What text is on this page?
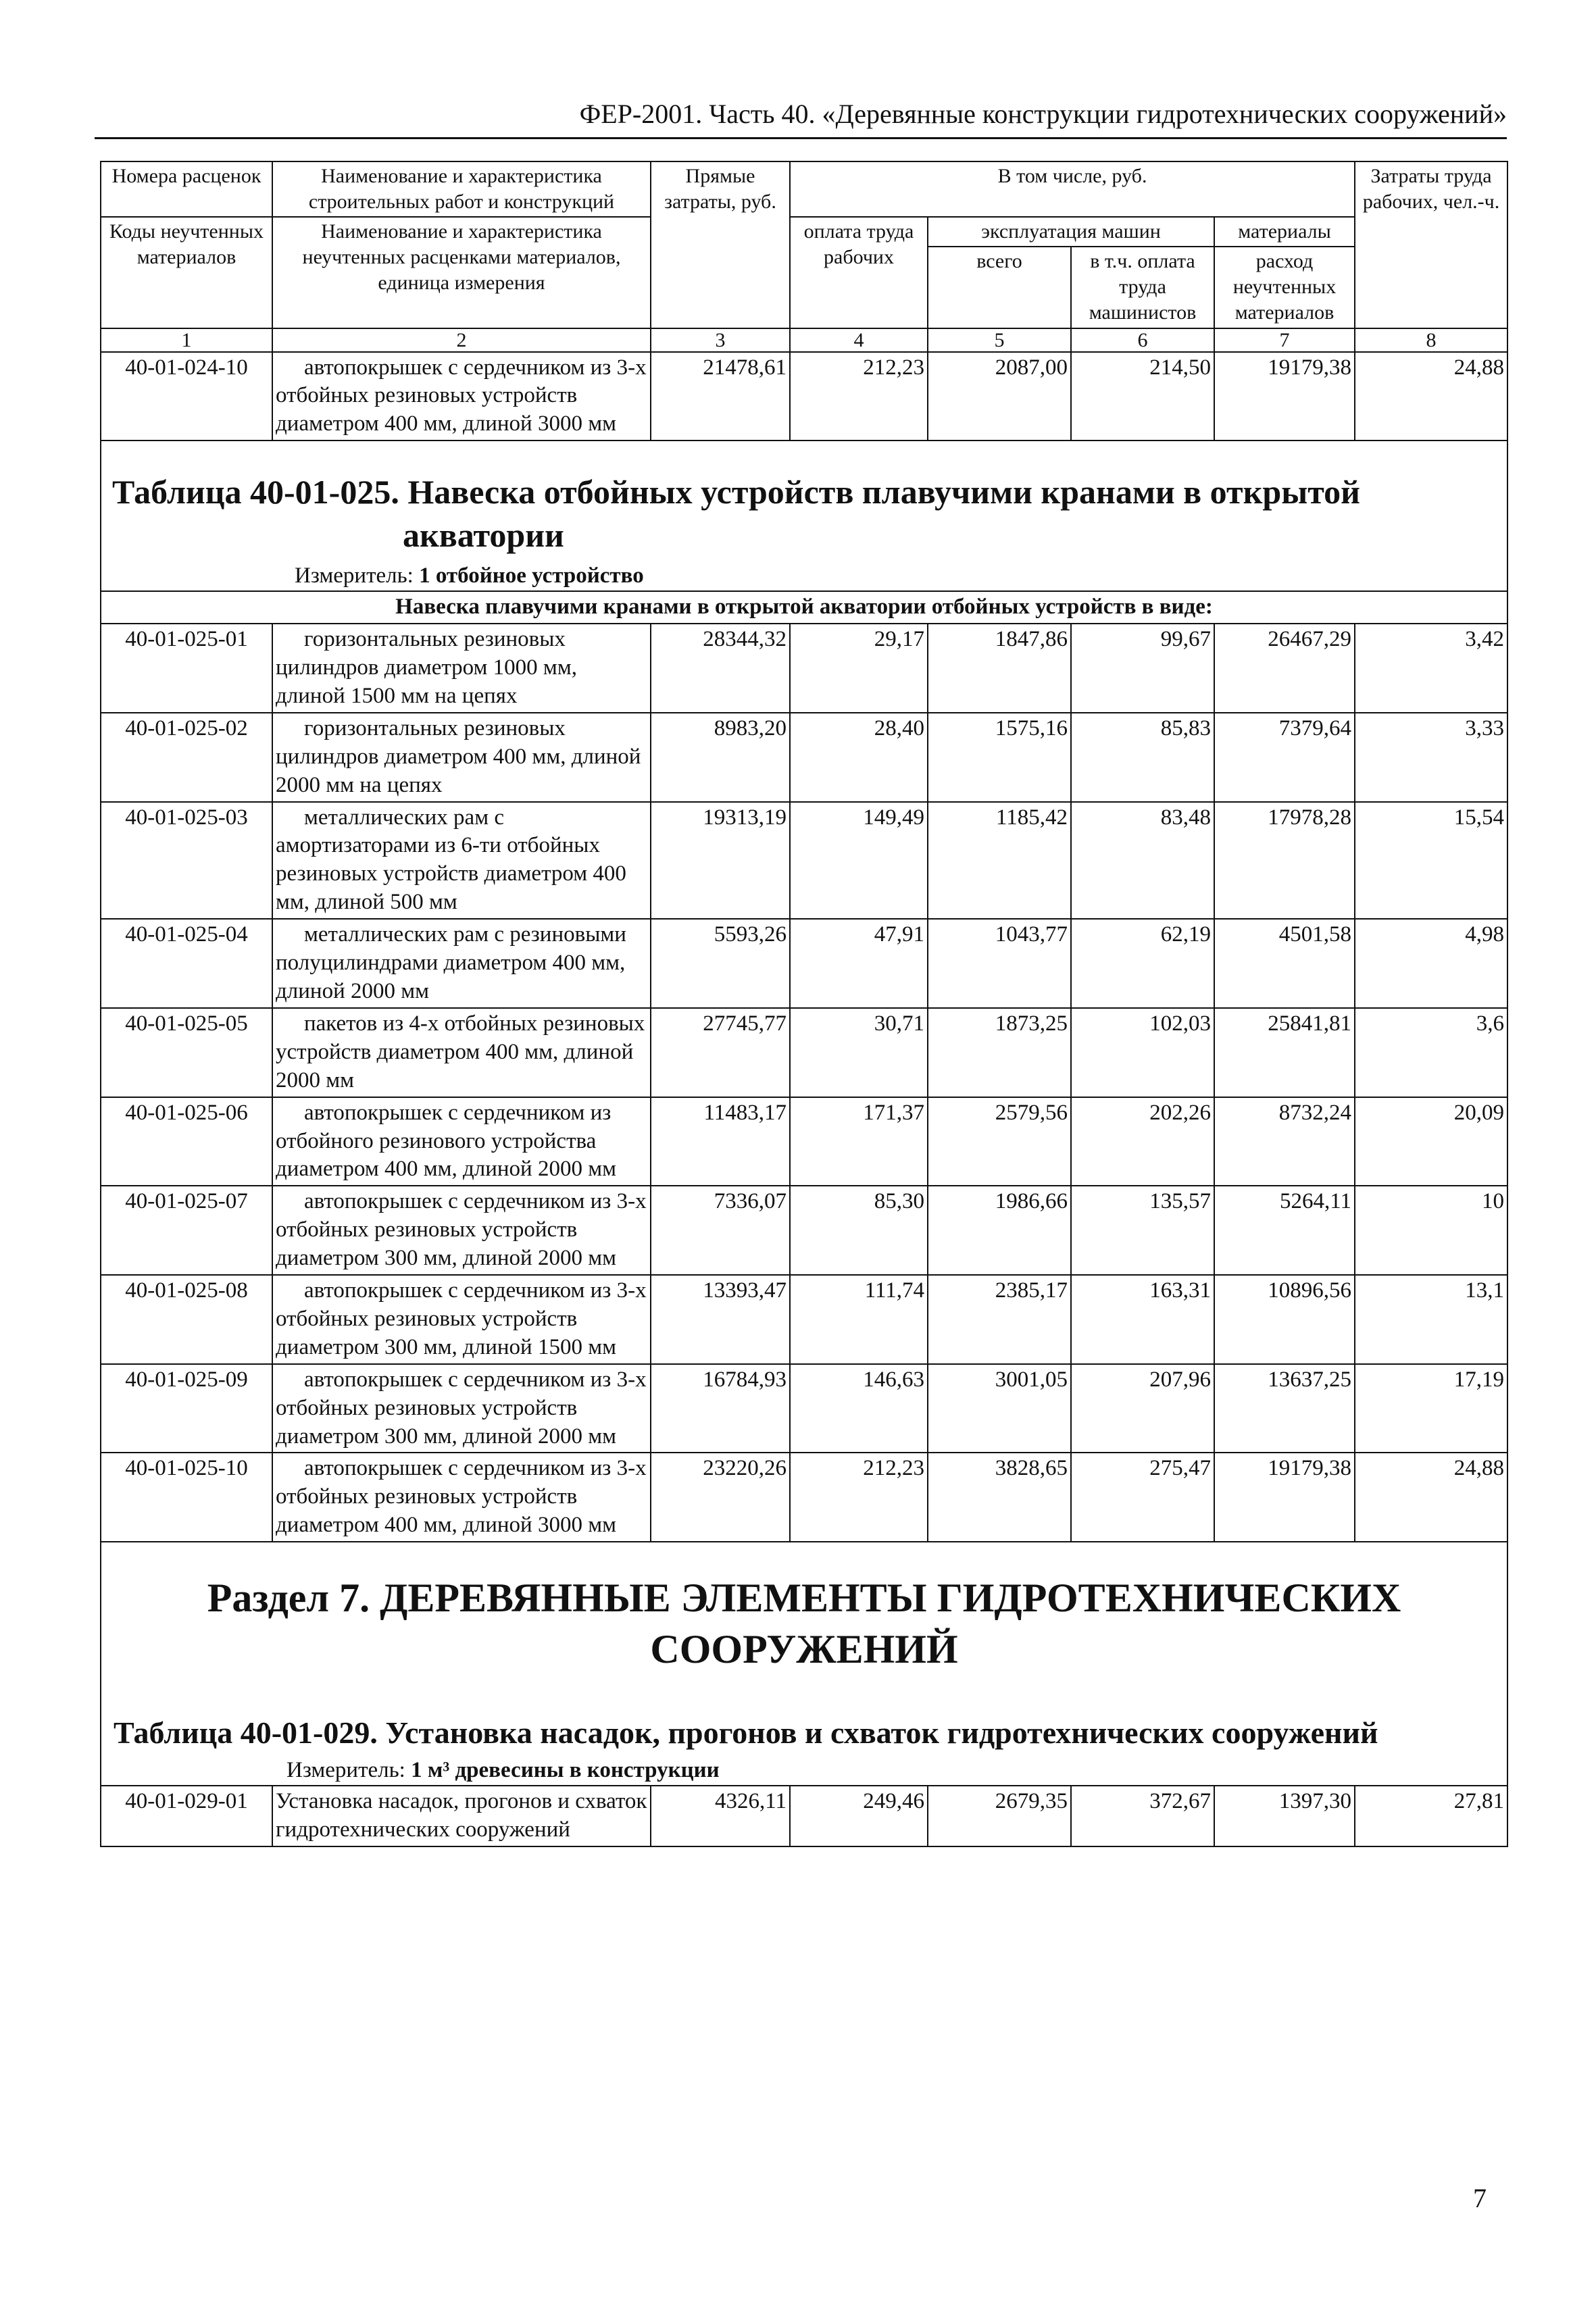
ФЕР-2001. Часть 40. «Деревянные конструкции гидротехнических сооружений»
Номера расценок	Наименование и характеристика строительных работ и конструкций	Прямые затраты, руб.	В том числе, руб.				Затраты труда рабочих, чел.-ч.
Коды неучтенных материалов	Наименование и характеристика неучтенных расценками материалов, единица измерения		оплата труда рабочих	эксплуатация машин		материалы	
				всего	в т.ч. оплата труда машинистов	расход неучтенных материалов	
1	2	3	4	5	6	7	8
40-01-024-10	автопокрышек с сердечником из 3-х отбойных резиновых устройств диаметром 400 мм, длиной 3000 мм	21478,61	212,23	2087,00	214,50	19179,38	24,88
Таблица 40-01-025. Навеска отбойных устройств плавучими кранами в открытой
акватории
Измеритель: 1 отбойное устройство							

Навеска плавучими кранами в открытой акватории отбойных устройств в виде:							
40-01-025-01	горизонтальных резиновых цилиндров диаметром 1000 мм, длиной 1500 мм на цепях	28344,32	29,17	1847,86	99,67	26467,29	3,42
40-01-025-02	горизонтальных резиновых цилиндров диаметром 400 мм, длиной 2000 мм на цепях	8983,20	28,40	1575,16	85,83	7379,64	3,33
40-01-025-03	металлических рам с амортизаторами из 6-ти отбойных резиновых устройств диаметром 400 мм, длиной 500 мм	19313,19	149,49	1185,42	83,48	17978,28	15,54
40-01-025-04	металлических рам с резиновыми полуцилиндрами диаметром 400 мм, длиной 2000 мм	5593,26	47,91	1043,77	62,19	4501,58	4,98
40-01-025-05	пакетов из 4-х отбойных резиновых устройств диаметром 400 мм, длиной 2000 мм	27745,77	30,71	1873,25	102,03	25841,81	3,6
40-01-025-06	автопокрышек с сердечником из отбойного резинового устройства диаметром 400 мм, длиной 2000 мм	11483,17	171,37	2579,56	202,26	8732,24	20,09
40-01-025-07	автопокрышек с сердечником из 3-х отбойных резиновых устройств диаметром 300 мм, длиной 2000 мм	7336,07	85,30	1986,66	135,57	5264,11	10
40-01-025-08	автопокрышек с сердечником из 3-х отбойных резиновых устройств диаметром 300 мм, длиной 1500 мм	13393,47	111,74	2385,17	163,31	10896,56	13,1
40-01-025-09	автопокрышек с сердечником из 3-х отбойных резиновых устройств диаметром 300 мм, длиной 2000 мм	16784,93	146,63	3001,05	207,96	13637,25	17,19
40-01-025-10	автопокрышек с сердечником из 3-х отбойных резиновых устройств диаметром 400 мм, длиной 3000 мм	23220,26	212,23	3828,65	275,47	19179,38	24,88

Раздел 7. ДЕРЕВЯННЫЕ ЭЛЕМЕНТЫ ГИДРОТЕХНИЧЕСКИХ
СООРУЖЕНИЙ
Таблица 40-01-029. Установка насадок, прогонов и схваток гидротехнических сооружений
Измеритель: 1 м³ древесины в конструкции							

40-01-029-01	Установка насадок, прогонов и схваток гидротехнических сооружений	4326,11	249,46	2679,35	372,67	1397,30	27,81
7
